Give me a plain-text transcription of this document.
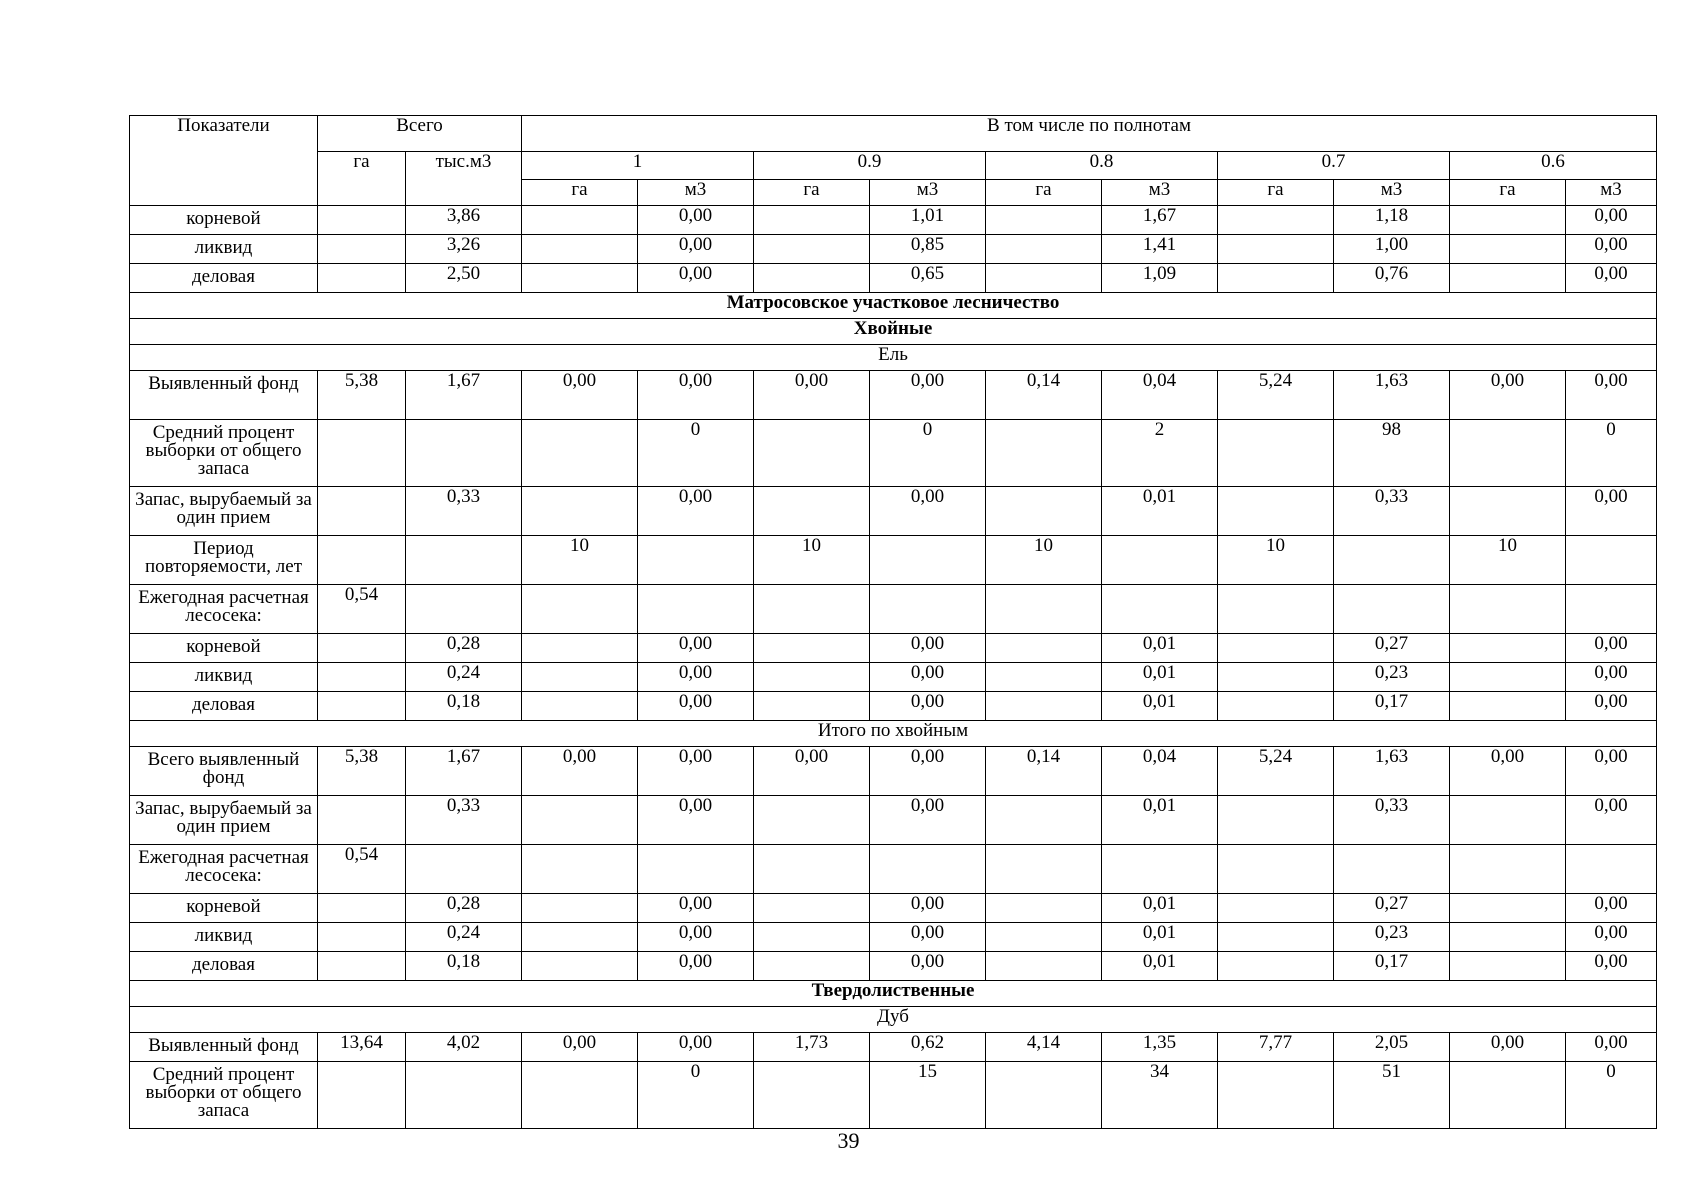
Показатели	Всего		В том числе по полнотам									
	га	тыс.м3	1		0.9		0.8		0.7		0.6	
			га	м3	га	м3	га	м3	га	м3	га	м3
корневой		3,86		0,00		1,01		1,67		1,18		0,00
ликвид		3,26		0,00		0,85		1,41		1,00		0,00
деловая		2,50		0,00		0,65		1,09		0,76		0,00
Матросовское участковое лесничество												
Хвойные												
Ель												
Выявленный фонд	5,38	1,67	0,00	0,00	0,00	0,00	0,14	0,04	5,24	1,63	0,00	0,00
Средний процент выборки от общего запаса				0		0		2		98		0
Запас, вырубаемый за один прием		0,33		0,00		0,00		0,01		0,33		0,00
Период повторяемости, лет			10		10		10		10		10	
Ежегодная расчетная лесосека:	0,54											
корневой		0,28		0,00		0,00		0,01		0,27		0,00
ликвид		0,24		0,00		0,00		0,01		0,23		0,00
деловая		0,18		0,00		0,00		0,01		0,17		0,00
Итого по хвойным												
Всего выявленный фонд	5,38	1,67	0,00	0,00	0,00	0,00	0,14	0,04	5,24	1,63	0,00	0,00
Запас, вырубаемый за один прием		0,33		0,00		0,00		0,01		0,33		0,00
Ежегодная расчетная лесосека:	0,54											
корневой		0,28		0,00		0,00		0,01		0,27		0,00
ликвид		0,24		0,00		0,00		0,01		0,23		0,00
деловая		0,18		0,00		0,00		0,01		0,17		0,00
Твердолиственные												
Дуб												
Выявленный фонд	13,64	4,02	0,00	0,00	1,73	0,62	4,14	1,35	7,77	2,05	0,00	0,00
Средний процент выборки от общего запаса				0		15		34		51		0
39
